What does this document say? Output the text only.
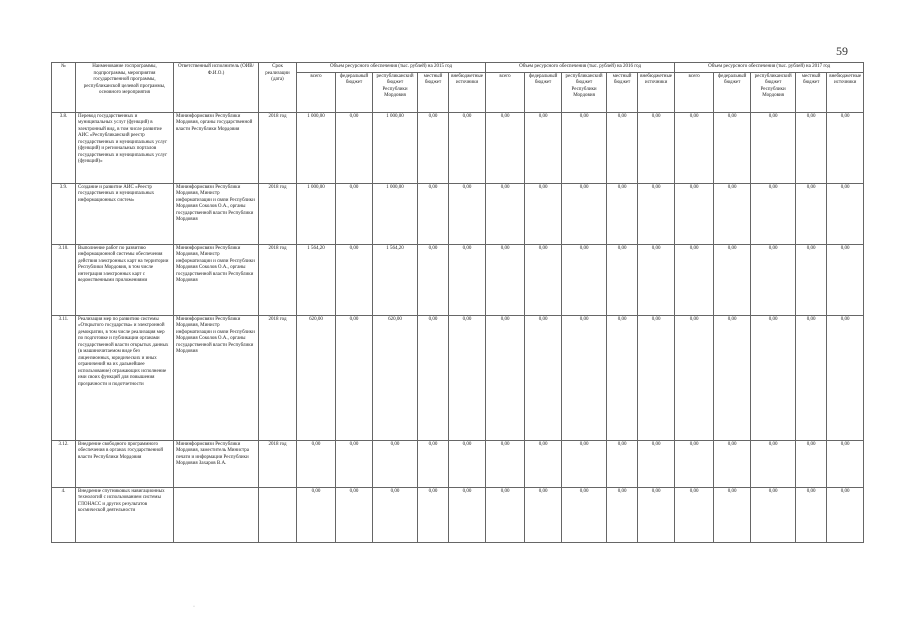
59
№	Наименование госпрограммы, подпрограммы, мероприятия государственной программы, республиканской целевой программы, основного мероприятия	Ответственный исполнитель (ОИВ/Ф.И.О.)	Срок реализации (дата)	Объем ресурсного обеспечения (тыс. рублей) на 2015 год					Объем ресурсного обеспечения (тыс. рублей) на 2016 год					Объем ресурсного обеспечения (тыс. рублей) на 2017 год				
				всего	федеральный бюджет	республиканский бюджет Республики Мордовия	местный бюджет	внебюджетные источники	всего	федеральный бюджет	республиканский бюджет Республики Мордовия	местный бюджет	внебюджетные источники	всего	федеральный бюджет	республиканский бюджет Республики Мордовия	местный бюджет	внебюджетные источники
3.8.	Перевод государственных и муниципальных услуг (функций) в электронный вид, в том числе развитие АИС «Республиканский реестр государственных и муниципальных услуг (функций) и региональных порталов государственных и муниципальных услуг (функций)»	Мининформсвязи Республики Мордовия, органы государственной власти Республики Мордовия	2018 год	1 000,00	0,00	1 000,00	0,00	0,00	0,00	0,00	0,00	0,00	0,00	0,00	0,00	0,00	0,00	0,00
3.9.	Создание и развитие АИС «Реестр государственных и муниципальных информационных систем»	Мининформсвязи Республики Мордовия, Министр информатизации и связи Республики Мордовия Соколов О.А., органы государственной власти Республики Мордовия	2018 год	1 000,00	0,00	1 000,00	0,00	0,00	0,00	0,00	0,00	0,00	0,00	0,00	0,00	0,00	0,00	0,00
3.10.	Выполнение работ по развитию информационной системы обеспечения действия электронных карт на территории Республики Мордовия, в том числе интеграция электронных карт с ведомственными приложениями	Мининформсвязи Республики Мордовия, Министр информатизации и связи Республики Мордовия Соколов О.А., органы государственной власти Республики Мордовия	2018 год	1 564,20	0,00	1 564,20	0,00	0,00	0,00	0,00	0,00	0,00	0,00	0,00	0,00	0,00	0,00	0,00
3.11.	Реализация мер по развитию системы «Открытого государства» и электронной демократии, в том числе реализация мер по подготовке и публикации органами государственной власти открытых данных (в машиночитаемом виде без лицензионных, юридических и иных ограничений на их дальнейшее использование) отражающих исполнение ими своих функций для повышения прозрачности и подотчетности	Мининформсвязи Республики Мордовия, Министр информатизации и связи Республики Мордовия Соколов О.А., органы государственной власти Республики Мордовия	2018 год	620,00	0,00	620,00	0,00	0,00	0,00	0,00	0,00	0,00	0,00	0,00	0,00	0,00	0,00	0,00
3.12.	Внедрение свободного программного обеспечения в органах государственной власти Республики Мордовия	Мининформсвязи Республики Мордовия, заместитель Министра печати и информации Республики Мордовия Захаров В.А.	2018 год	0,00	0,00	0,00	0,00	0,00	0,00	0,00	0,00	0,00	0,00	0,00	0,00	0,00	0,00	0,00
4.	Внедрение спутниковых навигационных технологий с использованием системы ГЛОНАСС и других результатов космической деятельности			0,00	0,00	0,00	0,00	0,00	0,00	0,00	0,00	0,00	0,00	0,00	0,00	0,00	0,00	0,00
·
